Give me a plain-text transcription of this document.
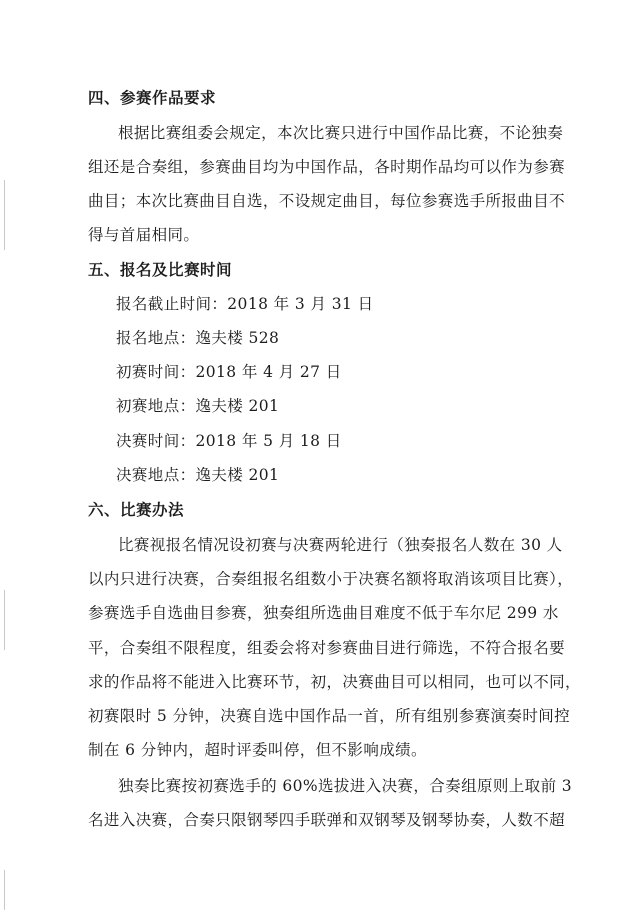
四、参赛作品要求
根据比赛组委会规定，本次比赛只进行中国作品比赛，不论独奏
组还是合奏组，参赛曲目均为中国作品，各时期作品均可以作为参赛
曲目；本次比赛曲目自选，不设规定曲目，每位参赛选手所报曲目不
得与首届相同。
五、报名及比赛时间
报名截止时间：2018 年 3 月 31 日
报名地点：逸夫楼 528
初赛时间：2018 年 4 月 27 日
初赛地点：逸夫楼 201
决赛时间：2018 年 5 月 18 日
决赛地点：逸夫楼 201
六、比赛办法
比赛视报名情况设初赛与决赛两轮进行（独奏报名人数在 30 人
以内只进行决赛，合奏组报名组数小于决赛名额将取消该项目比赛），
参赛选手自选曲目参赛，独奏组所选曲目难度不低于车尔尼 299 水
平，合奏组不限程度，组委会将对参赛曲目进行筛选，不符合报名要
求的作品将不能进入比赛环节，初，决赛曲目可以相同，也可以不同，
初赛限时 5 分钟，决赛自选中国作品一首，所有组别参赛演奏时间控
制在 6 分钟内，超时评委叫停，但不影响成绩。
独奏比赛按初赛选手的 60%选拔进入决赛，合奏组原则上取前 3
名进入决赛，合奏只限钢琴四手联弹和双钢琴及钢琴协奏，人数不超
